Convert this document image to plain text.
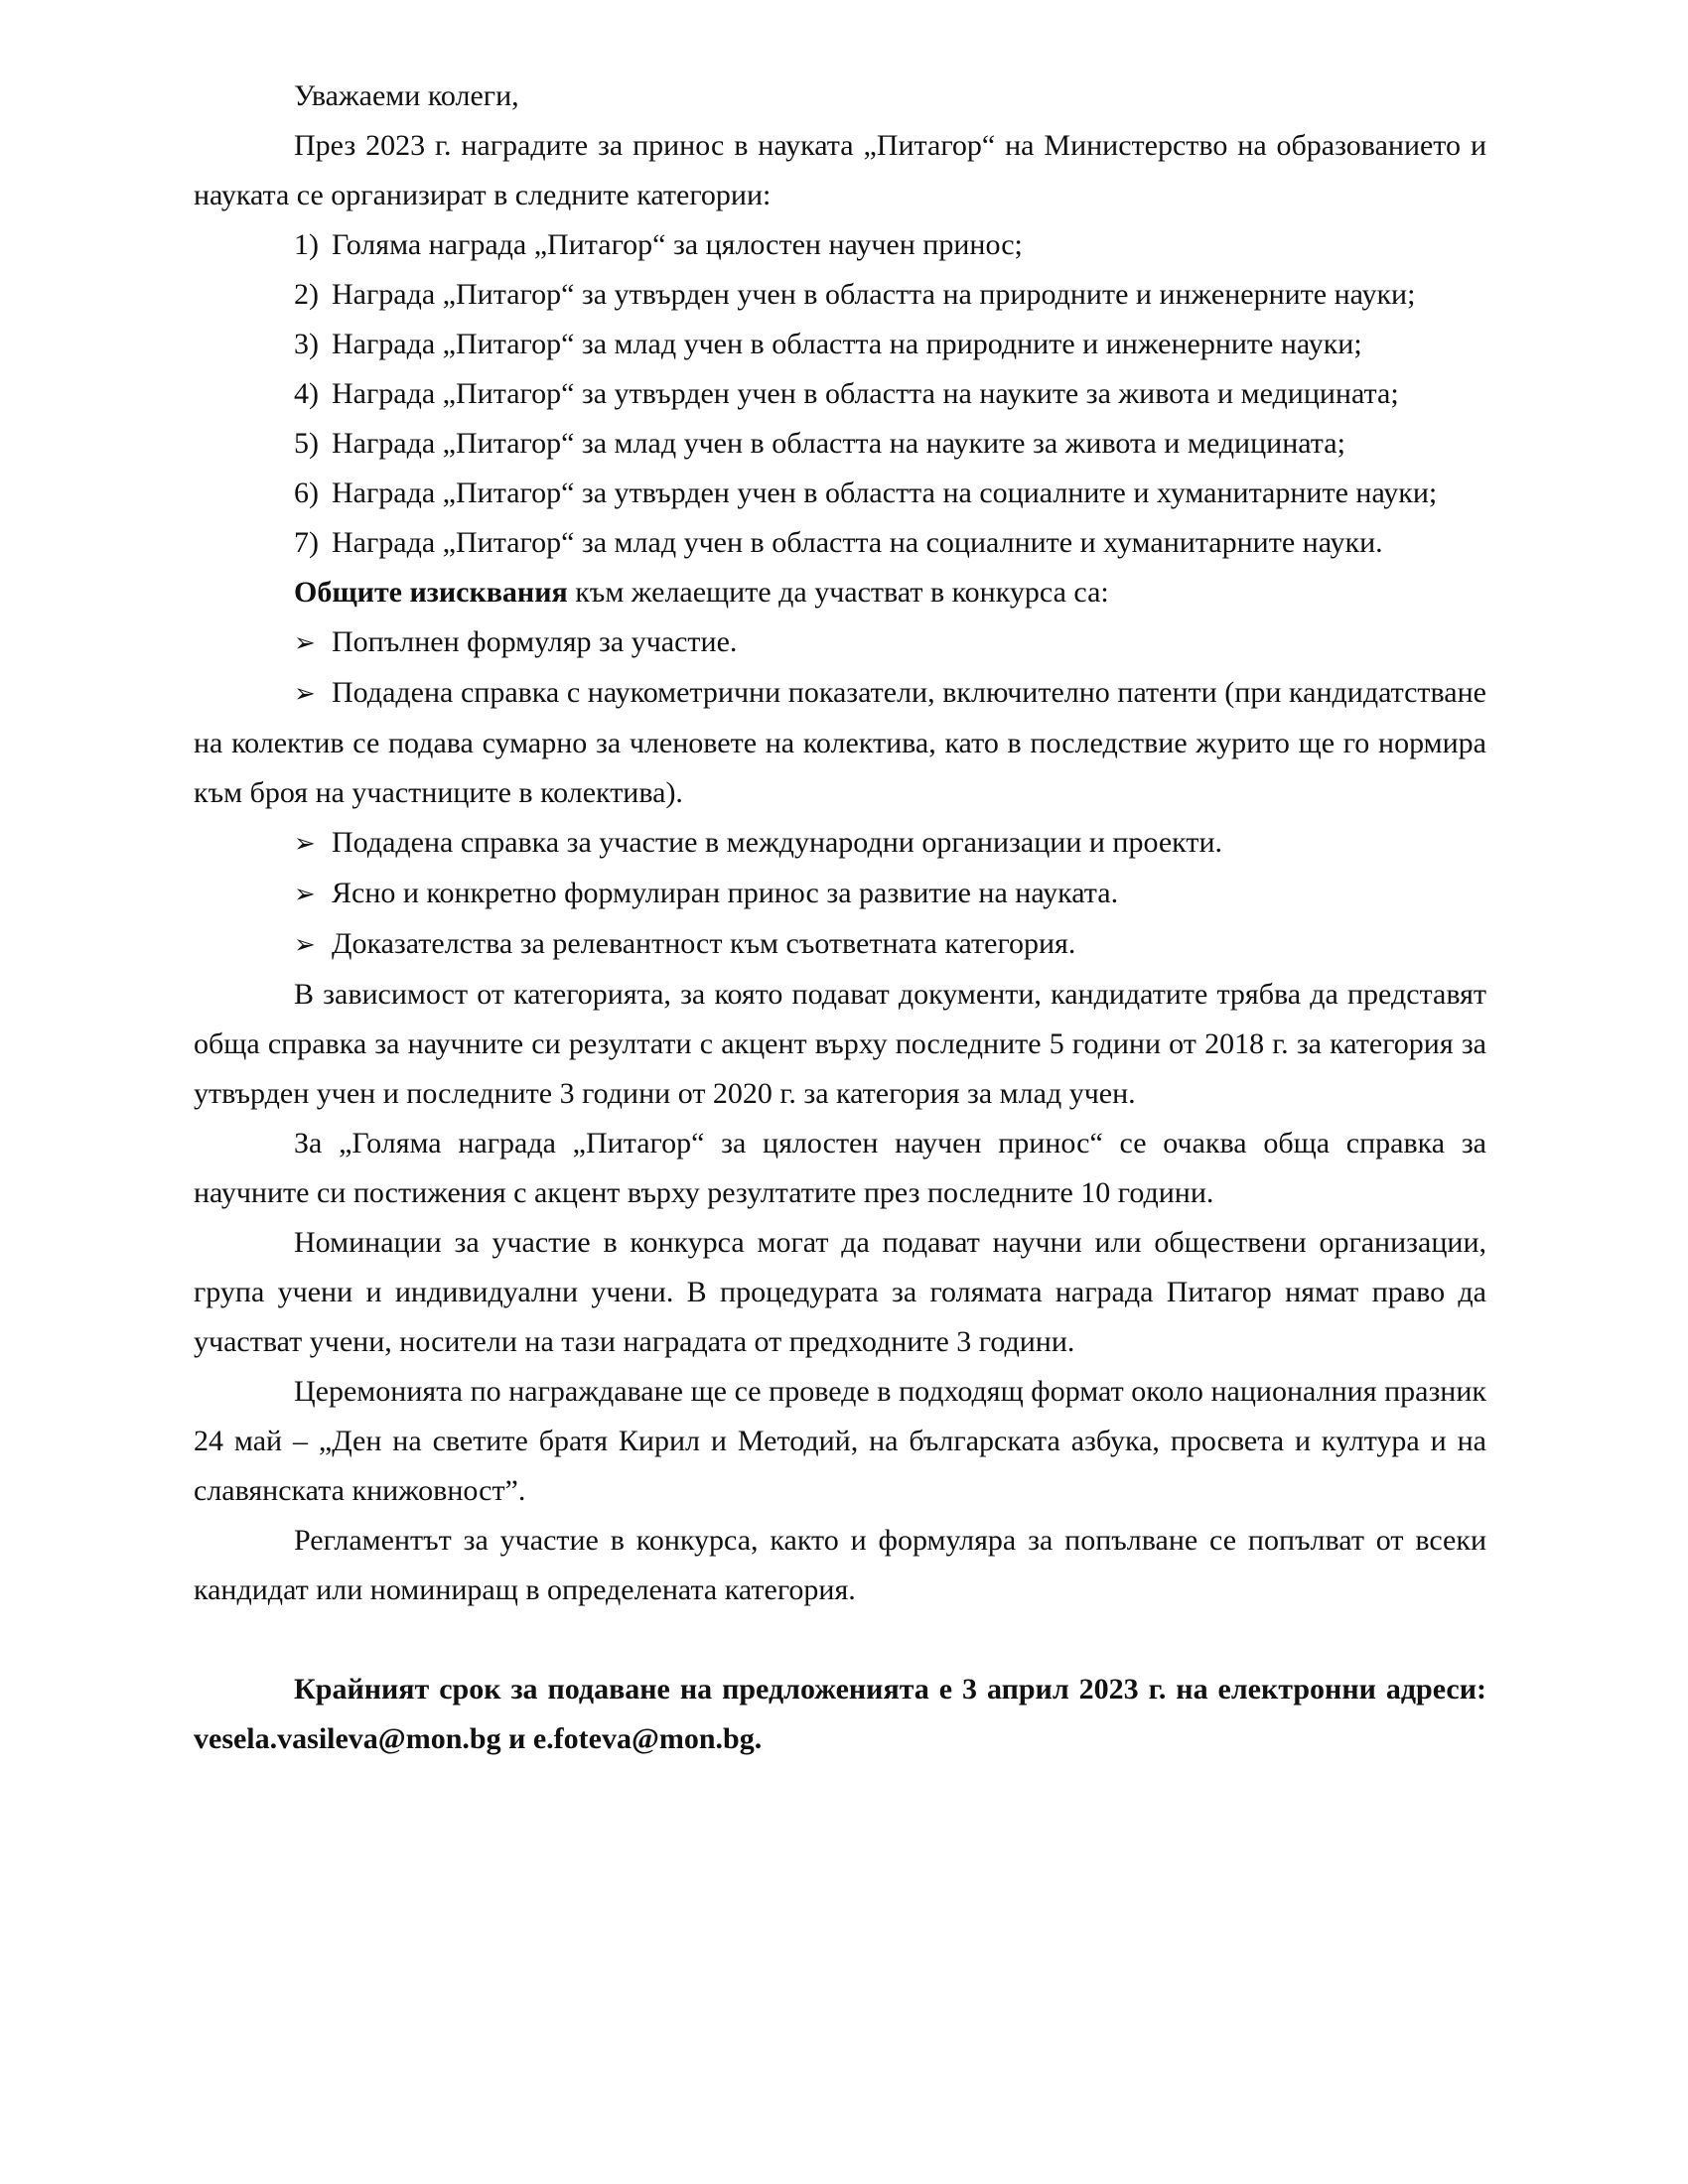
Уважаеми колеги,

През 2023 г. наградите за принос в науката „Питагор“ на Министерство на образованието и науката се организират в следните категории:

1) Голяма награда „Питагор“ за цялостен научен принос;

2) Награда „Питагор“ за утвърден учен в областта на природните и инженерните науки;

3) Награда „Питагор“ за млад учен в областта на природните и инженерните науки;

4) Награда „Питагор“ за утвърден учен в областта на науките за живота и медицината;

5) Награда „Питагор“ за млад учен в областта на науките за живота и медицината;

6) Награда „Питагор“ за утвърден учен в областта на социалните и хуманитарните науки;

7) Награда „Питагор“ за млад учен в областта на социалните и хуманитарните науки.

Общите изисквания към желаещите да участват в конкурса са:

➢ Попълнен формуляр за участие.

➢ Подадена справка с наукометрични показатели, включително патенти (при кандидатстване на колектив се подава сумарно за членовете на колектива, като в последствие журито ще го нормира към броя на участниците в колектива).

➢ Подадена справка за участие в международни организации и проекти.

➢ Ясно и конкретно формулиран принос за развитие на науката.

➢ Доказателства за релевантност към съответната категория.

В зависимост от категорията, за която подават документи, кандидатите трябва да представят обща справка за научните си резултати с акцент върху последните 5 години от 2018 г. за категория за утвърден учен и последните 3 години от 2020 г. за категория за млад учен.

За „Голяма награда „Питагор“ за цялостен научен принос“ се очаква обща справка за научните си постижения с акцент върху резултатите през последните 10 години.

Номинации за участие в конкурса могат да подават научни или обществени организации, група учени и индивидуални учени. В процедурата за голямата награда Питагор нямат право да участват учени, носители на тази наградата от предходните 3 години.

Церемонията по награждаване ще се проведе в подходящ формат около националния празник 24 май – „Ден на светите братя Кирил и Методий, на българската азбука, просвета и култура и на славянската книжовност”.

Регламентът за участие в конкурса, както и формуляра за попълване се попълват от всеки кандидат или номиниращ в определената категория.

Крайният срок за подаване на предложенията е 3 април 2023 г. на електронни адреси: vesela.vasileva@mon.bg и e.foteva@mon.bg.
